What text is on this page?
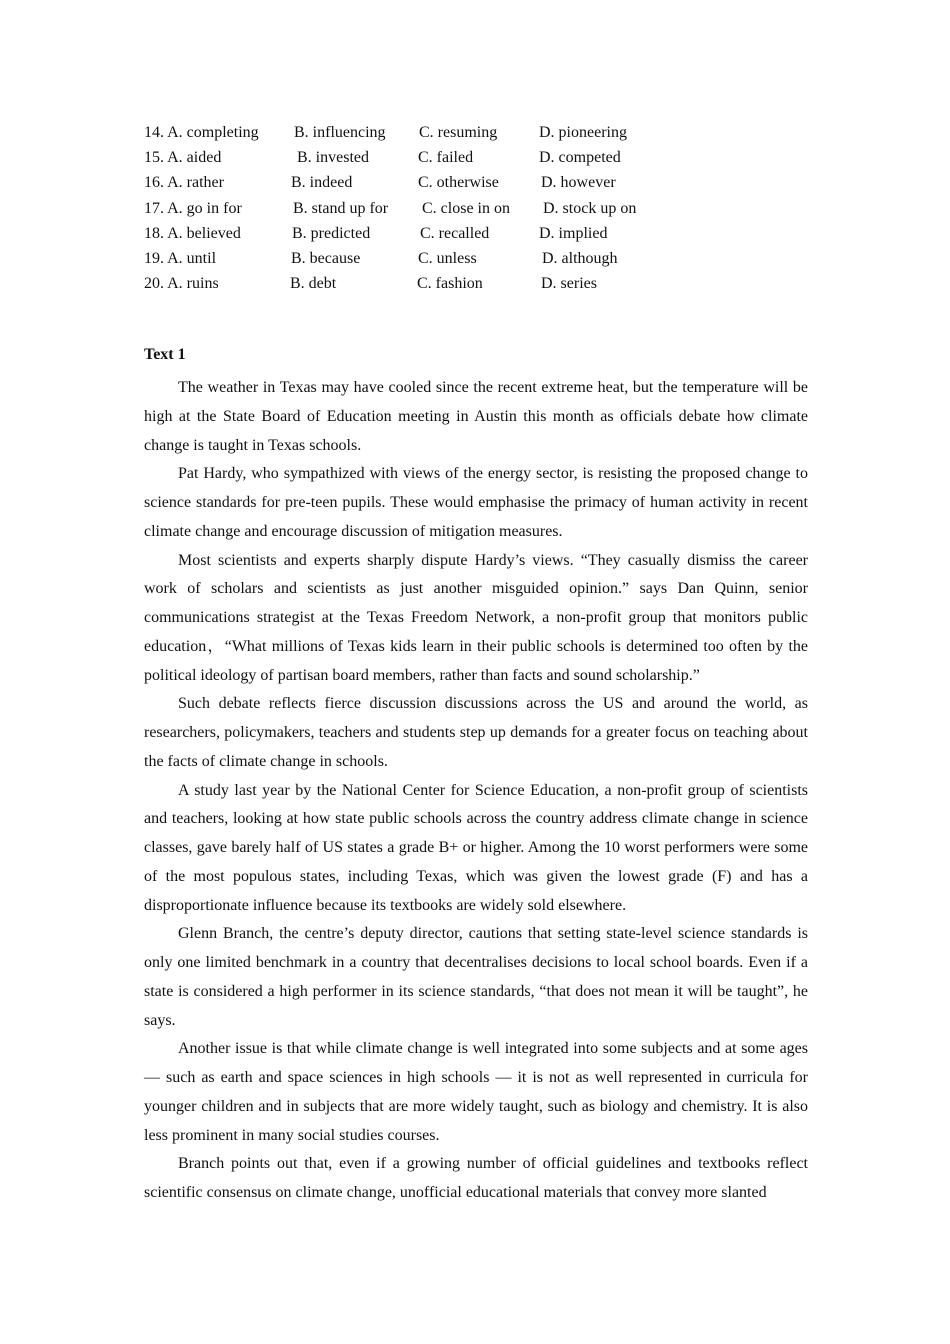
14. A. completing B. influencing C. resuming	D. pioneering
15. A. aided	B. invested	C. failed	D. competed
16. A. rather	B. indeed	C. otherwise	D. however
17. A. go in for	B. stand up for C. close in on D. stock up on
18. A. believed	B. predicted	C. recalled	D. implied
19. A. until	B. because	C. unless	D. although
20. A. ruins	B. debt	C. fashion	D. series
Text 1

The weather in Texas may have cooled since the recent extreme heat, but the temperature will be high at the State Board of Education meeting in Austin this month as officials debate how climate change is taught in Texas schools.

Pat Hardy, who sympathized with views of the energy sector, is resisting the proposed change to science standards for pre-teen pupils. These would emphasise the primacy of human activity in recent climate change and encourage discussion of mitigation measures.

Most scientists and experts sharply dispute Hardy’s views. “They casually dismiss the career work of scholars and scientists as just another misguided opinion.” says Dan Quinn, senior communications strategist at the Texas Freedom Network, a non-profit group that monitors public education，“What millions of Texas kids learn in their public schools is determined too often by the political ideology of partisan board members, rather than facts and sound scholarship.”

Such debate reflects fierce discussion discussions across the US and around the world, as researchers, policymakers, teachers and students step up demands for a greater focus on teaching about the facts of climate change in schools.

A study last year by the National Center for Science Education, a non-profit group of scientists and teachers, looking at how state public schools across the country address climate change in science classes, gave barely half of US states a grade B+ or higher. Among the 10 worst performers were some of the most populous states, including Texas, which was given the lowest grade (F) and has a disproportionate influence because its textbooks are widely sold elsewhere.

Glenn Branch, the centre’s deputy director, cautions that setting state-level science standards is only one limited benchmark in a country that decentralises decisions to local school boards. Even if a state is considered a high performer in its science standards, “that does not mean it will be taught”, he says.

Another issue is that while climate change is well integrated into some subjects and at some ages — such as earth and space sciences in high schools — it is not as well represented in curricula for younger children and in subjects that are more widely taught, such as biology and chemistry. It is also less prominent in many social studies courses.

Branch points out that, even if a growing number of official guidelines and textbooks reflect scientific consensus on climate change, unofficial educational materials that convey more slanted
